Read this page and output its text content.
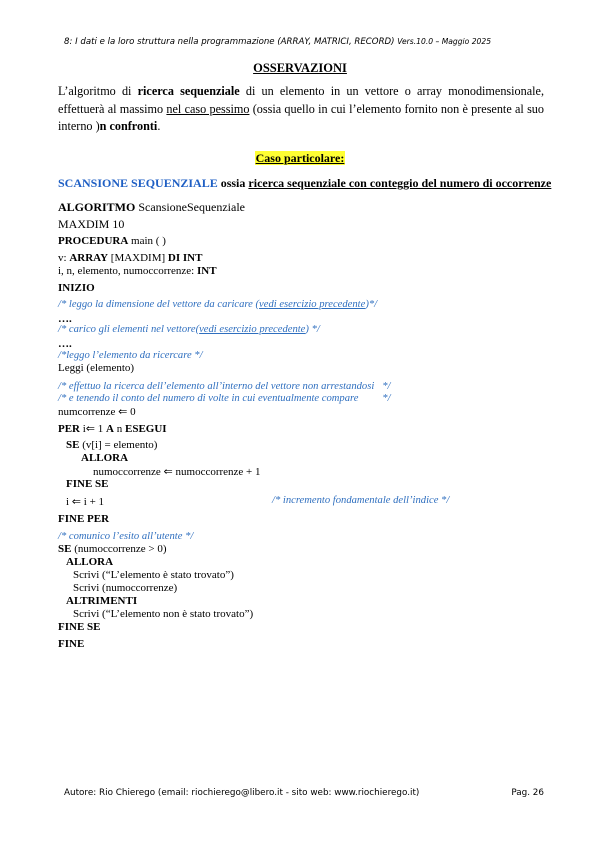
8: I dati e la loro struttura nella programmazione (ARRAY, MATRICI, RECORD) Vers.10.0 – Maggio 2025
OSSERVAZIONI
L’algoritmo di ricerca sequenziale di un elemento in un vettore o array monodimensionale, effettuerà al massimo nel caso pessimo (ossia quello in cui l’elemento fornito non è presente al suo interno )n confronti.
Caso particolare:
SCANSIONE SEQUENZIALE ossia ricerca sequenziale con conteggio del numero di occorrenze
ALGORITMO ScansioneSequenziale
MAXDIM 10
PROCEDURA main ( )
v: ARRAY [MAXDIM] DI INT
i, n, elemento, numoccorrenze: INT
INIZIO
/* leggo la dimensione del vettore da caricare (vedi esercizio precedente)*/
….
/* carico gli elementi nel vettore(vedi esercizio precedente) */
….
/*leggo l’elemento da ricercare */
Leggi (elemento)
/* effettuo la ricerca dell’elemento all’interno del vettore non arrestandosi   */
/* e tenendo il conto del numero di volte in cui eventualmente compare         */
numcorrenze ⇐ 0
PER i⇐ 1 A n ESEGUI
SE (v[i] = elemento)
ALLORA
numoccorrenze ⇐ numoccorrenze + 1
FINE SE
i ⇐ i + 1	/* incremento fondamentale dell’indice */
FINE PER
/* comunico l’esito all’utente */
SE (numoccorrenze > 0)
ALLORA
Scrivi (“L’elemento è stato trovato”)
Scrivi (numoccorrenze)
ALTRIMENTI
Scrivi (“L’elemento non è stato trovato”)
FINE SE
FINE
Autore: Rio Chierego (email: riochierego@libero.it - sito web: www.riochierego.it)	Pag. 26
